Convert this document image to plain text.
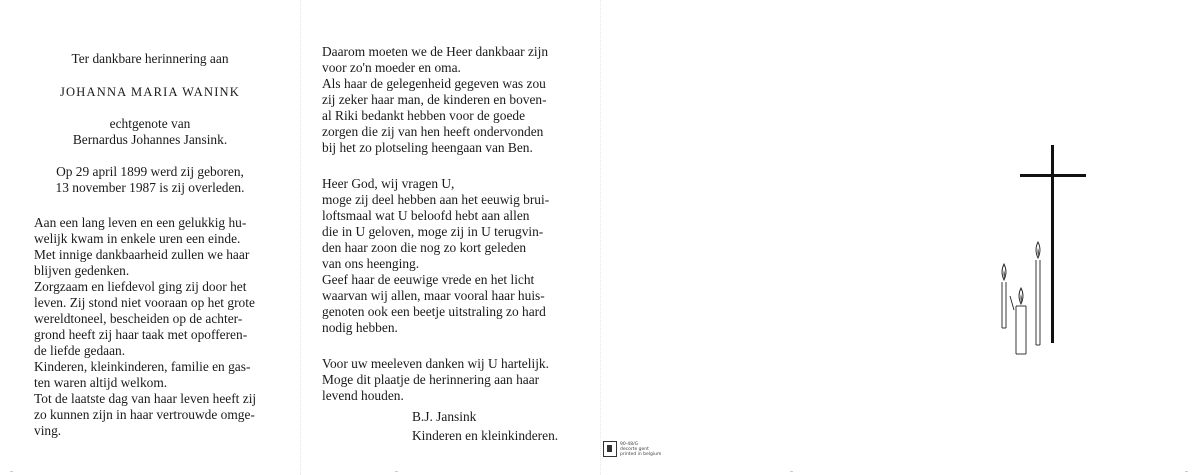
Ter dankbare herinnering aan
JOHANNA MARIA WANINK
echtgenote van
Bernardus Johannes Jansink.
Op 29 april 1899 werd zij geboren,
13 november 1987 is zij overleden.
Aan een lang leven en een gelukkig hu-
welijk kwam in enkele uren een einde.
Met innige dankbaarheid zullen we haar
blijven gedenken.
Zorgzaam en liefdevol ging zij door het
leven. Zij stond niet vooraan op het grote
wereldtoneel, bescheiden op de achter-
grond heeft zij haar taak met opofferen-
de liefde gedaan.
Kinderen, kleinkinderen, familie en gas-
ten waren altijd welkom.
Tot de laatste dag van haar leven heeft zij
zo kunnen zijn in haar vertrouwde omge-
ving.
Daarom moeten we de Heer dankbaar zijn
voor zo'n moeder en oma.
Als haar de gelegenheid gegeven was zou
zij zeker haar man, de kinderen en boven-
al Riki bedankt hebben voor de goede
zorgen die zij van hen heeft ondervonden
bij het zo plotseling heengaan van Ben.
Heer God, wij vragen U,
moge zij deel hebben aan het eeuwig brui-
loftsmaal wat U beloofd hebt aan allen
die in U geloven, moge zij in U terugvin-
den haar zoon die nog zo kort geleden
van ons heenging.
Geef haar de eeuwige vrede en het licht
waarvan wij allen, maar vooral haar huis-
genoten ook een beetje uitstraling zo hard
nodig hebben.
Voor uw meeleven danken wij U hartelijk.
Moge dit plaatje de herinnering aan haar
levend houden.
B.J. Jansink
Kinderen en kleinkinderen.
90-48/G
decorte gent
printed in belgium
